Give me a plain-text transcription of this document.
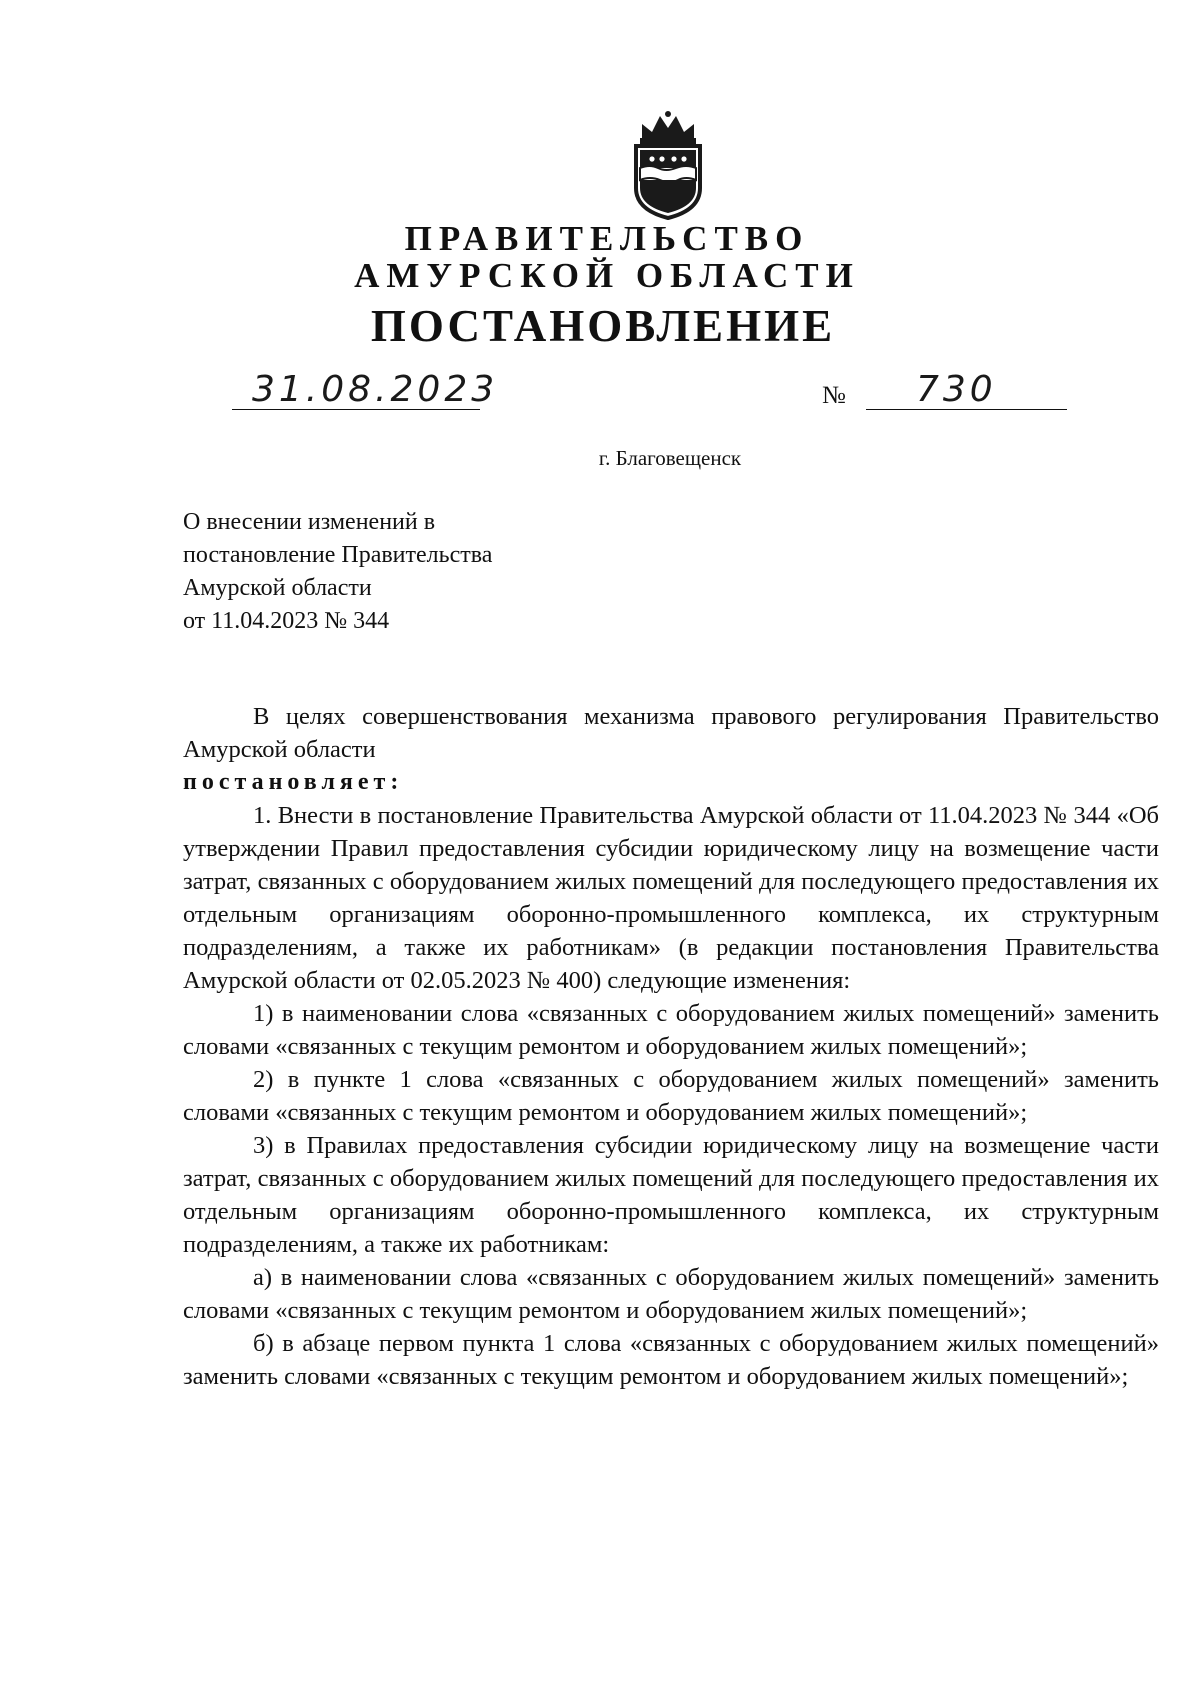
ПРАВИТЕЛЬСТВО
АМУРСКОЙ ОБЛАСТИ
ПОСТАНОВЛЕНИЕ
31.08.2023	№ 730
г. Благовещенск
О внесении изменений в
постановление Правительства
Амурской области
от 11.04.2023 № 344

В целях совершенствования механизма правового регулирования Правительство Амурской области

постановляет:

1. Внести в постановление Правительства Амурской области от 11.04.2023 № 344 «Об утверждении Правил предоставления субсидии юридическому лицу на возмещение части затрат, связанных с оборудованием жилых помещений для последующего предоставления их отдельным организациям оборонно-промышленного комплекса, их структурным подразделениям, а также их работникам» (в редакции постановления Правительства Амурской области от 02.05.2023 № 400) следующие изменения:

1) в наименовании слова «связанных с оборудованием жилых помещений» заменить словами «связанных с текущим ремонтом и оборудованием жилых помещений»;

2) в пункте 1 слова «связанных с оборудованием жилых помещений» заменить словами «связанных с текущим ремонтом и оборудованием жилых помещений»;

3) в Правилах предоставления субсидии юридическому лицу на возмещение части затрат, связанных с оборудованием жилых помещений для последующего предоставления их отдельным организациям оборонно-промышленного комплекса, их структурным подразделениям, а также их работникам:

а) в наименовании слова «связанных с оборудованием жилых помещений» заменить словами «связанных с текущим ремонтом и оборудованием жилых помещений»;

б) в абзаце первом пункта 1 слова «связанных с оборудованием жилых помещений» заменить словами «связанных с текущим ремонтом и оборудованием жилых помещений»;
